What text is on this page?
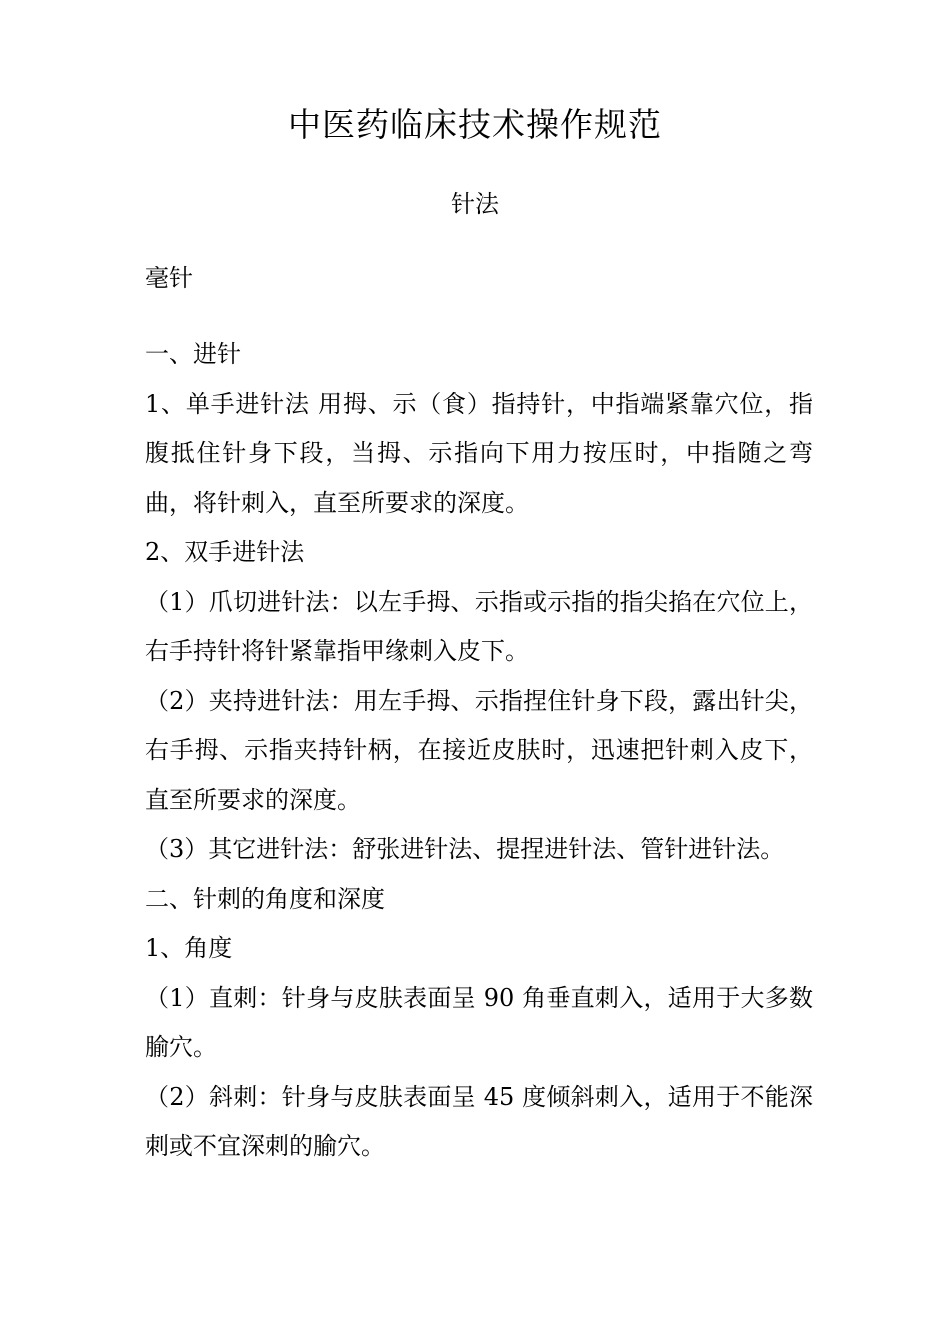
中医药临床技术操作规范
针法
毫针

一、进针

1、单手进针法 用拇、示（食）指持针，中指端紧靠穴位，指腹抵住针身下段，当拇、示指向下用力按压时，中指随之弯曲，将针刺入，直至所要求的深度。

2、双手进针法

（1）爪切进针法：以左手拇、示指或示指的指尖掐在穴位上，右手持针将针紧靠指甲缘刺入皮下。

（2）夹持进针法：用左手拇、示指捏住针身下段，露出针尖，右手拇、示指夹持针柄，在接近皮肤时，迅速把针刺入皮下，直至所要求的深度。

（3）其它进针法：舒张进针法、提捏进针法、管针进针法。

二、针刺的角度和深度

1、角度

（1）直刺：针身与皮肤表面呈 90 角垂直刺入，适用于大多数腧穴。

（2）斜刺：针身与皮肤表面呈 45 度倾斜刺入，适用于不能深刺或不宜深刺的腧穴。
